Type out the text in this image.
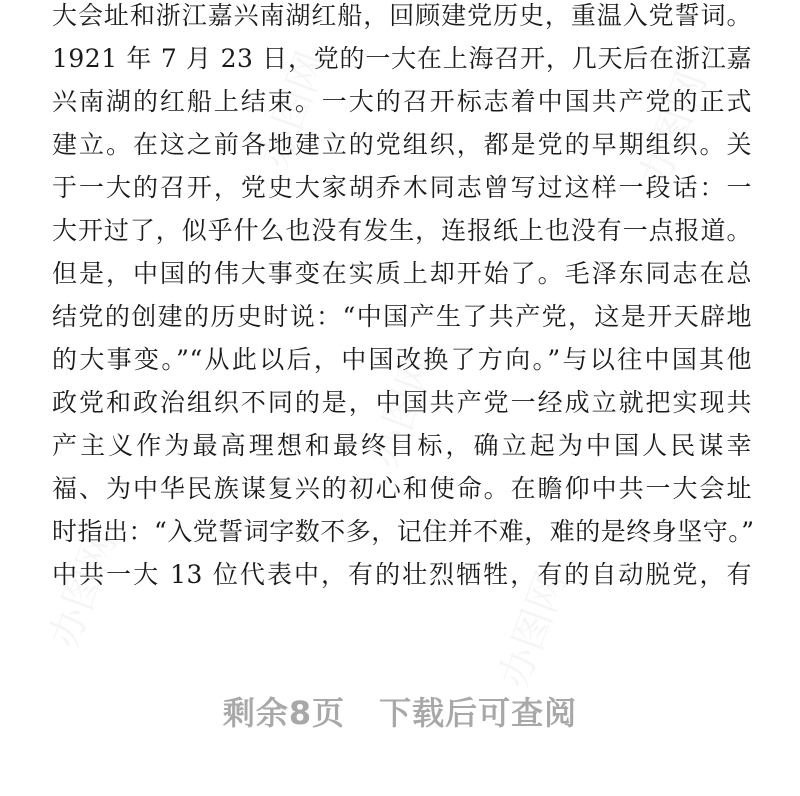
办图网
办图网
办图网
办图网
办图网
大会址和浙江嘉兴南湖红船，回顾建党历史，重温入党誓词。
1921 年 7 月 23 日，党的一大在上海召开，几天后在浙江嘉
兴南湖的红船上结束。一大的召开标志着中国共产党的正式
建立。在这之前各地建立的党组织，都是党的早期组织。关
于一大的召开，党史大家胡乔木同志曾写过这样一段话：一
大开过了，似乎什么也没有发生，连报纸上也没有一点报道。
但是，中国的伟大事变在实质上却开始了。毛泽东同志在总
结党的创建的历史时说：“中国产生了共产党，这是开天辟地
的大事变。”“从此以后，中国改换了方向。”与以往中国其他
政党和政治组织不同的是，中国共产党一经成立就把实现共
产主义作为最高理想和最终目标，确立起为中国人民谋幸
福、为中华民族谋复兴的初心和使命。在瞻仰中共一大会址
时指出：“入党誓词字数不多，记住并不难，难的是终身坚守。”
中共一大 13 位代表中，有的壮烈牺牲，有的自动脱党，有
剩余8页 下载后可查阅
